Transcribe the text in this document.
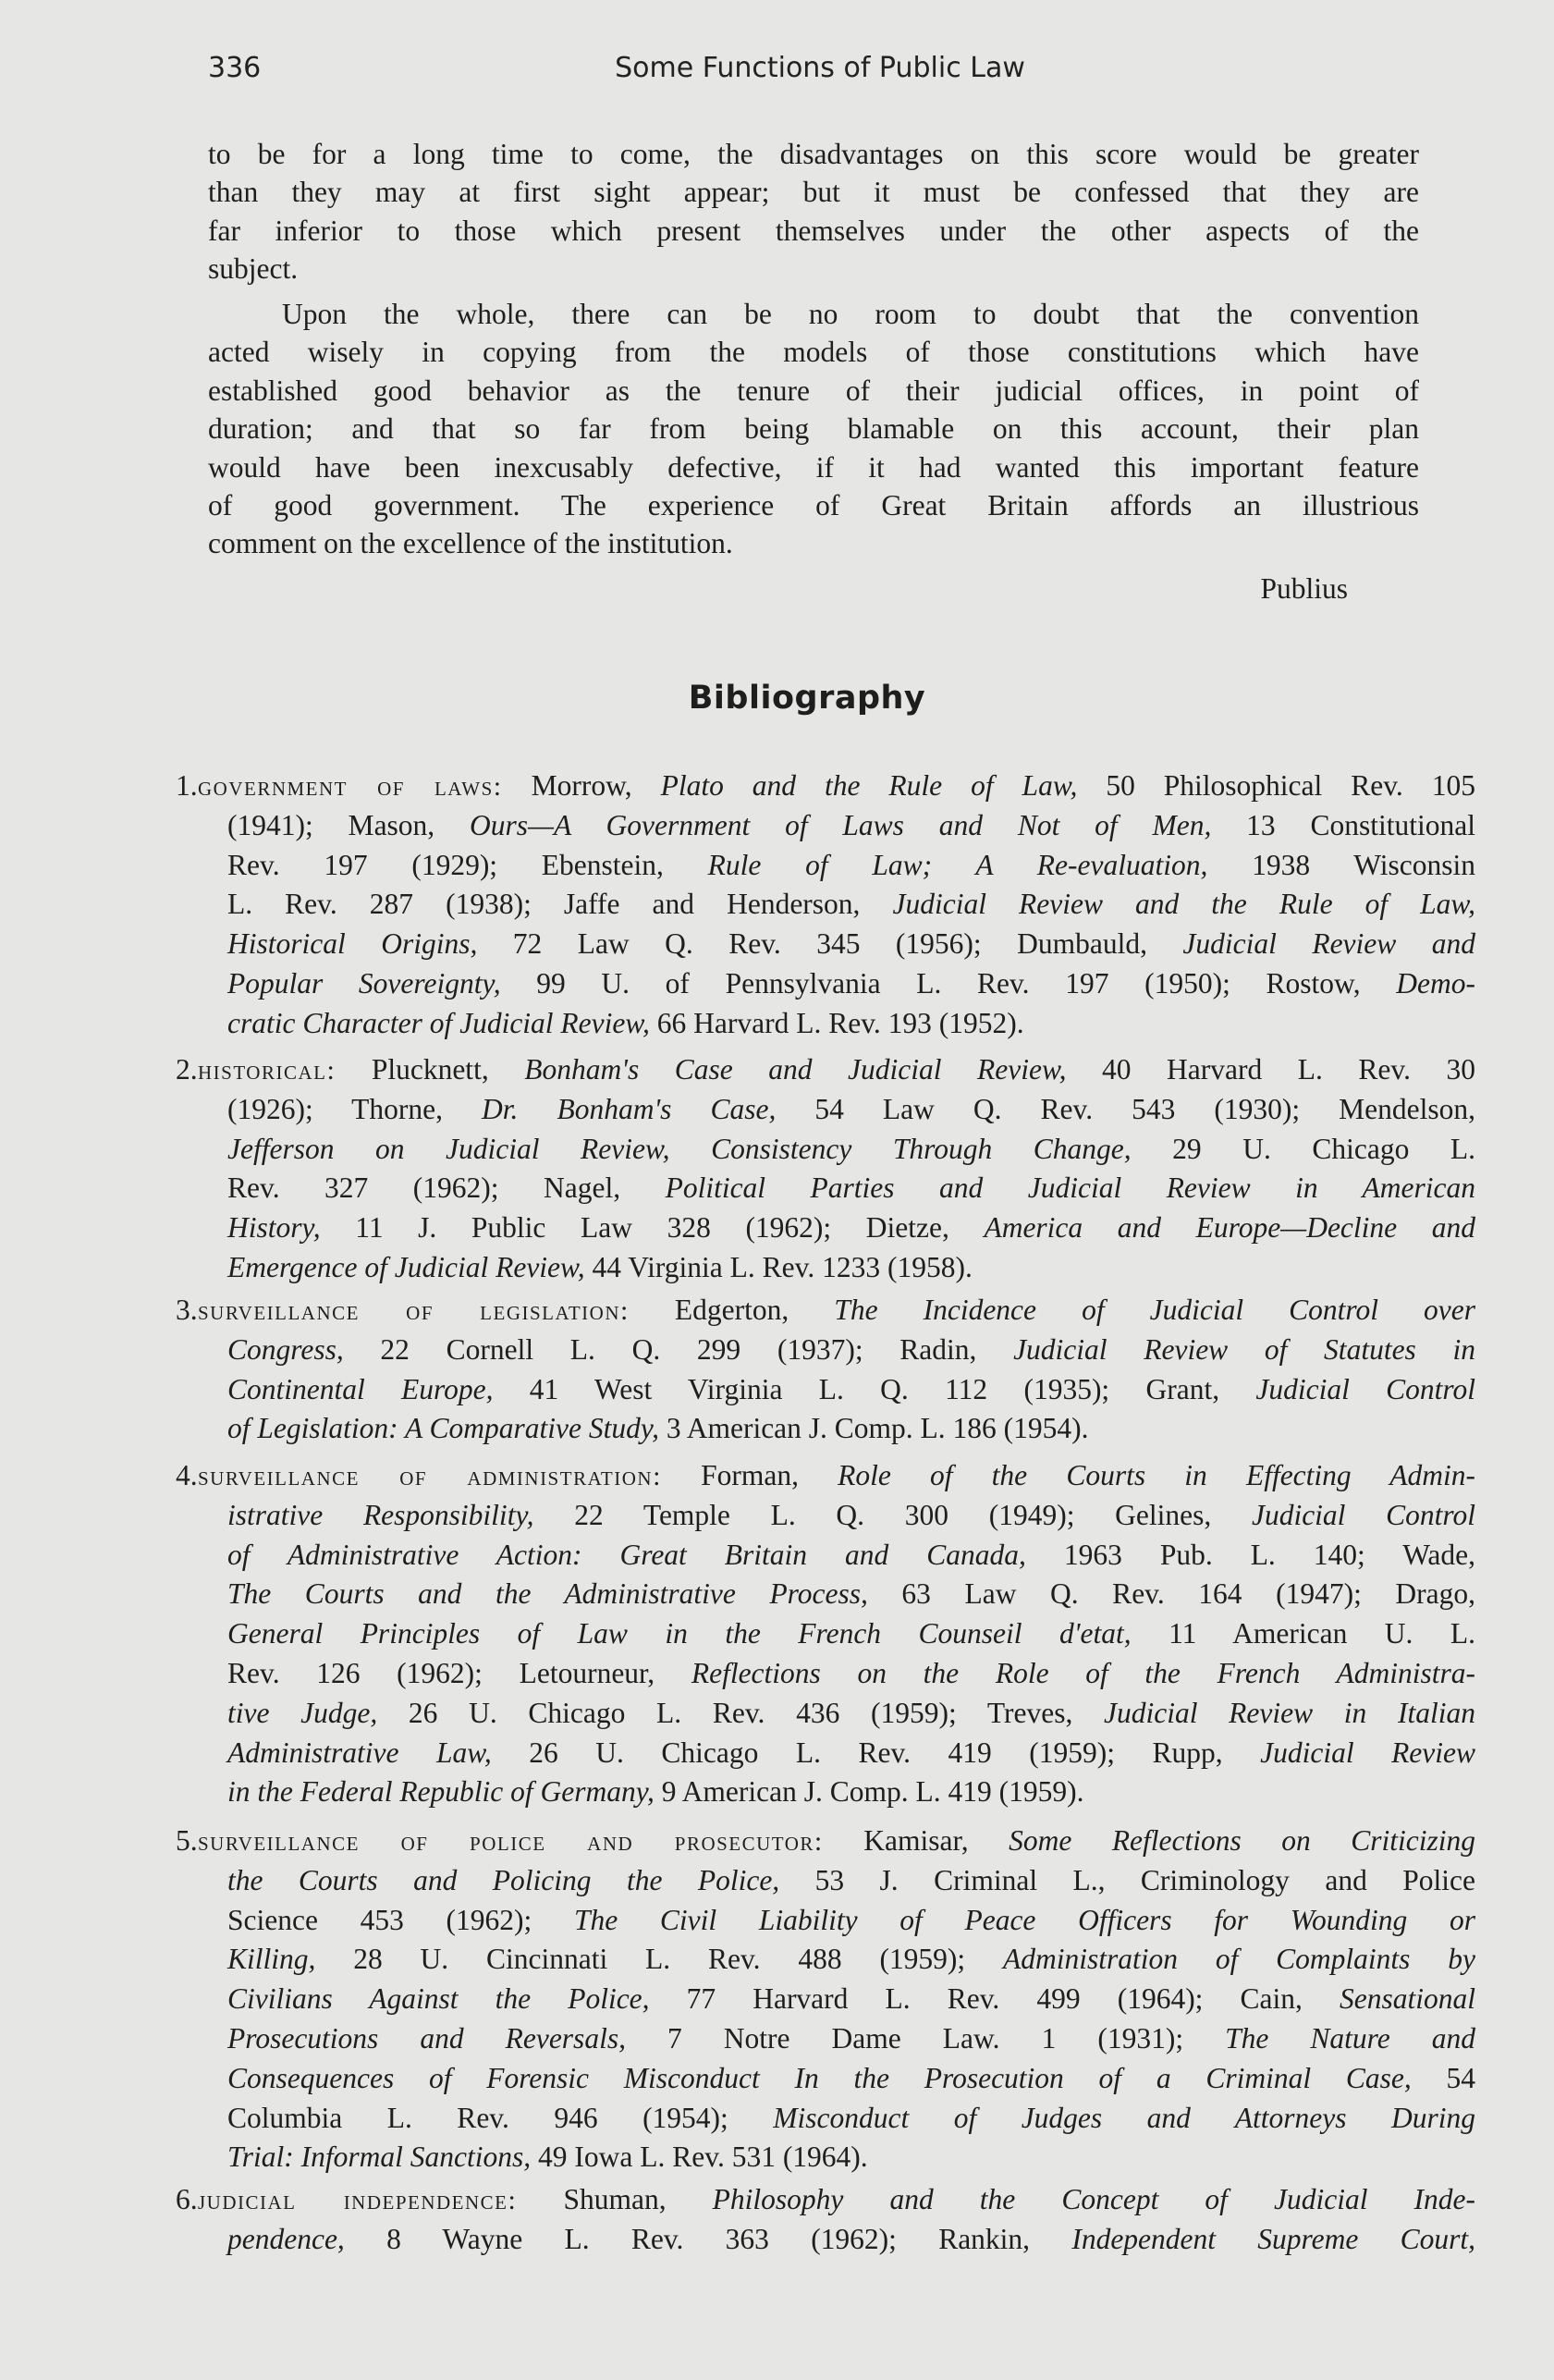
336	Some Functions of Public Law
to be for a long time to come, the disadvantages on this score would be greater
than they may at first sight appear; but it must be confessed that they are
far inferior to those which present themselves under the other aspects of the
subject.
Upon the whole, there can be no room to doubt that the convention
acted wisely in copying from the models of those constitutions which have
established good behavior as the tenure of their judicial offices, in point of
duration; and that so far from being blamable on this account, their plan
would have been inexcusably defective, if it had wanted this important feature
of good government. The experience of Great Britain affords an illustrious
comment on the excellence of the institution.
Publius
Bibliography
1. government of laws: Morrow, Plato and the Rule of Law, 50 Philosophical Rev. 105
(1941); Mason, Ours—A Government of Laws and Not of Men, 13 Constitutional
Rev. 197 (1929); Ebenstein, Rule of Law; A Re-evaluation, 1938 Wisconsin
L. Rev. 287 (1938); Jaffe and Henderson, Judicial Review and the Rule of Law,
Historical Origins, 72 Law Q. Rev. 345 (1956); Dumbauld, Judicial Review and
Popular Sovereignty, 99 U. of Pennsylvania L. Rev. 197 (1950); Rostow, Demo-
cratic Character of Judicial Review, 66 Harvard L. Rev. 193 (1952).
2. historical: Plucknett, Bonham's Case and Judicial Review, 40 Harvard L. Rev. 30
(1926); Thorne, Dr. Bonham's Case, 54 Law Q. Rev. 543 (1930); Mendelson,
Jefferson on Judicial Review, Consistency Through Change, 29 U. Chicago L.
Rev. 327 (1962); Nagel, Political Parties and Judicial Review in American
History, 11 J. Public Law 328 (1962); Dietze, America and Europe—Decline and
Emergence of Judicial Review, 44 Virginia L. Rev. 1233 (1958).
3. surveillance of legislation: Edgerton, The Incidence of Judicial Control over
Congress, 22 Cornell L. Q. 299 (1937); Radin, Judicial Review of Statutes in
Continental Europe, 41 West Virginia L. Q. 112 (1935); Grant, Judicial Control
of Legislation: A Comparative Study, 3 American J. Comp. L. 186 (1954).
4. surveillance of administration: Forman, Role of the Courts in Effecting Admin-
istrative Responsibility, 22 Temple L. Q. 300 (1949); Gelines, Judicial Control
of Administrative Action: Great Britain and Canada, 1963 Pub. L. 140; Wade,
The Courts and the Administrative Process, 63 Law Q. Rev. 164 (1947); Drago,
General Principles of Law in the French Counseil d'etat, 11 American U. L.
Rev. 126 (1962); Letourneur, Reflections on the Role of the French Administra-
tive Judge, 26 U. Chicago L. Rev. 436 (1959); Treves, Judicial Review in Italian
Administrative Law, 26 U. Chicago L. Rev. 419 (1959); Rupp, Judicial Review
in the Federal Republic of Germany, 9 American J. Comp. L. 419 (1959).
5. surveillance of police and prosecutor: Kamisar, Some Reflections on Criticizing
the Courts and Policing the Police, 53 J. Criminal L., Criminology and Police
Science 453 (1962); The Civil Liability of Peace Officers for Wounding or
Killing, 28 U. Cincinnati L. Rev. 488 (1959); Administration of Complaints by
Civilians Against the Police, 77 Harvard L. Rev. 499 (1964); Cain, Sensational
Prosecutions and Reversals, 7 Notre Dame Law. 1 (1931); The Nature and
Consequences of Forensic Misconduct In the Prosecution of a Criminal Case, 54
Columbia L. Rev. 946 (1954); Misconduct of Judges and Attorneys During
Trial: Informal Sanctions, 49 Iowa L. Rev. 531 (1964).
6. judicial independence: Shuman, Philosophy and the Concept of Judicial Inde-
pendence, 8 Wayne L. Rev. 363 (1962); Rankin, Independent Supreme Court,
